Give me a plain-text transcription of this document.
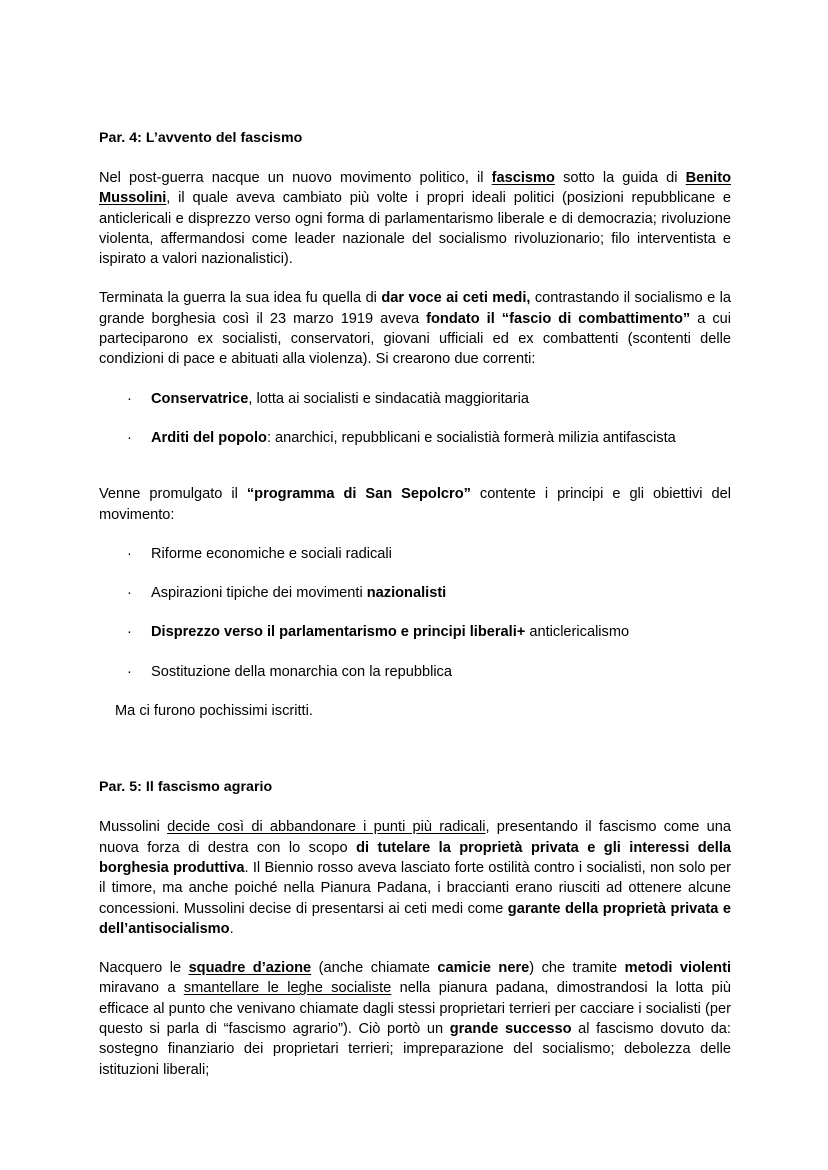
Par. 4: L’avvento del fascismo

Nel post-guerra nacque un nuovo movimento politico, il fascismo sotto la guida di Benito Mussolini, il quale aveva cambiato più volte i propri ideali politici (posizioni repubblicane e anticlericali e disprezzo verso ogni forma di parlamentarismo liberale e di democrazia; rivoluzione violenta, affermandosi come leader nazionale del socialismo rivoluzionario; filo interventista e ispirato a valori nazionalistici).

Terminata la guerra la sua idea fu quella di dar voce ai ceti medi, contrastando il socialismo e la grande borghesia così il 23 marzo 1919 aveva fondato il “fascio di combattimento” a cui parteciparono ex socialisti, conservatori, giovani ufficiali ed ex combattenti (scontenti delle condizioni di pace e abituati alla violenza). Si crearono due correnti:

· Conservatrice, lotta ai socialisti e sindacatià maggioritaria
· Arditi del popolo: anarchici, repubblicani e socialistià formerà milizia antifascista

Venne promulgato il “programma di San Sepolcro” contente i principi e gli obiettivi del movimento:

· Riforme economiche e sociali radicali
· Aspirazioni tipiche dei movimenti nazionalisti
· Disprezzo verso il parlamentarismo e principi liberali+ anticlericalismo
· Sostituzione della monarchia con la repubblica

Ma ci furono pochissimi iscritti.

Par. 5: Il fascismo agrario

Mussolini decide così di abbandonare i punti più radicali, presentando il fascismo come una nuova forza di destra con lo scopo di tutelare la proprietà privata e gli interessi della borghesia produttiva. Il Biennio rosso aveva lasciato forte ostilità contro i socialisti, non solo per il timore, ma anche poiché nella Pianura Padana, i braccianti erano riusciti ad ottenere alcune concessioni. Mussolini decise di presentarsi ai ceti medi come garante della proprietà privata e dell’antisocialismo.

Nacquero le squadre d’azione (anche chiamate camicie nere) che tramite metodi violenti miravano a smantellare le leghe socialiste nella pianura padana, dimostrandosi la lotta più efficace al punto che venivano chiamate dagli stessi proprietari terrieri per cacciare i socialisti (per questo si parla di “fascismo agrario”). Ciò portò un grande successo al fascismo dovuto da: sostegno finanziario dei proprietari terrieri; impreparazione del socialismo; debolezza delle istituzioni liberali;
